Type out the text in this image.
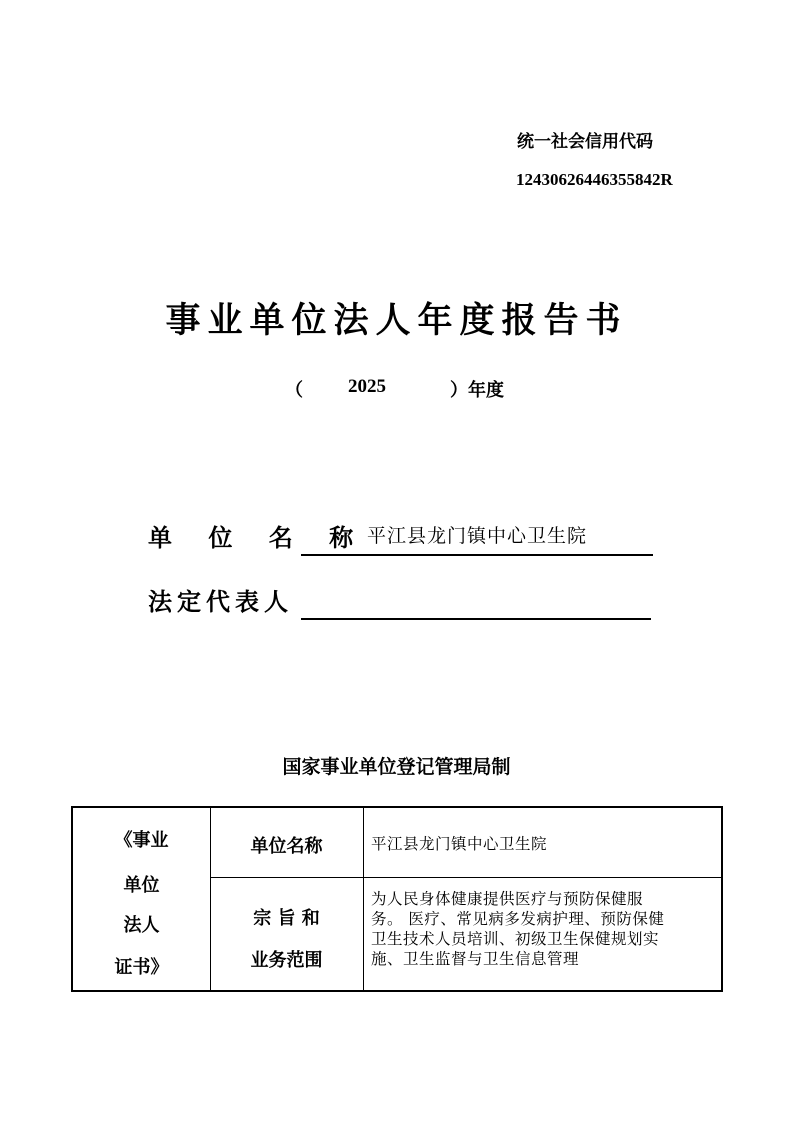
统一社会信用代码
12430626446355842R
事业单位法人年度报告书
（ 2025	）年度
单 位 名 称 平江县龙门镇中心卫生院
法定代表人
国家事业单位登记管理局制
《事业
单位
法人
证书》
单位名称	平江县龙门镇中心卫生院
宗 旨 和
业务范围
为人民身体健康提供医疗与预防保健服
务。 医疗、常见病多发病护理、预防保健
卫生技术人员培训、初级卫生保健规划实
施、卫生监督与卫生信息管理
